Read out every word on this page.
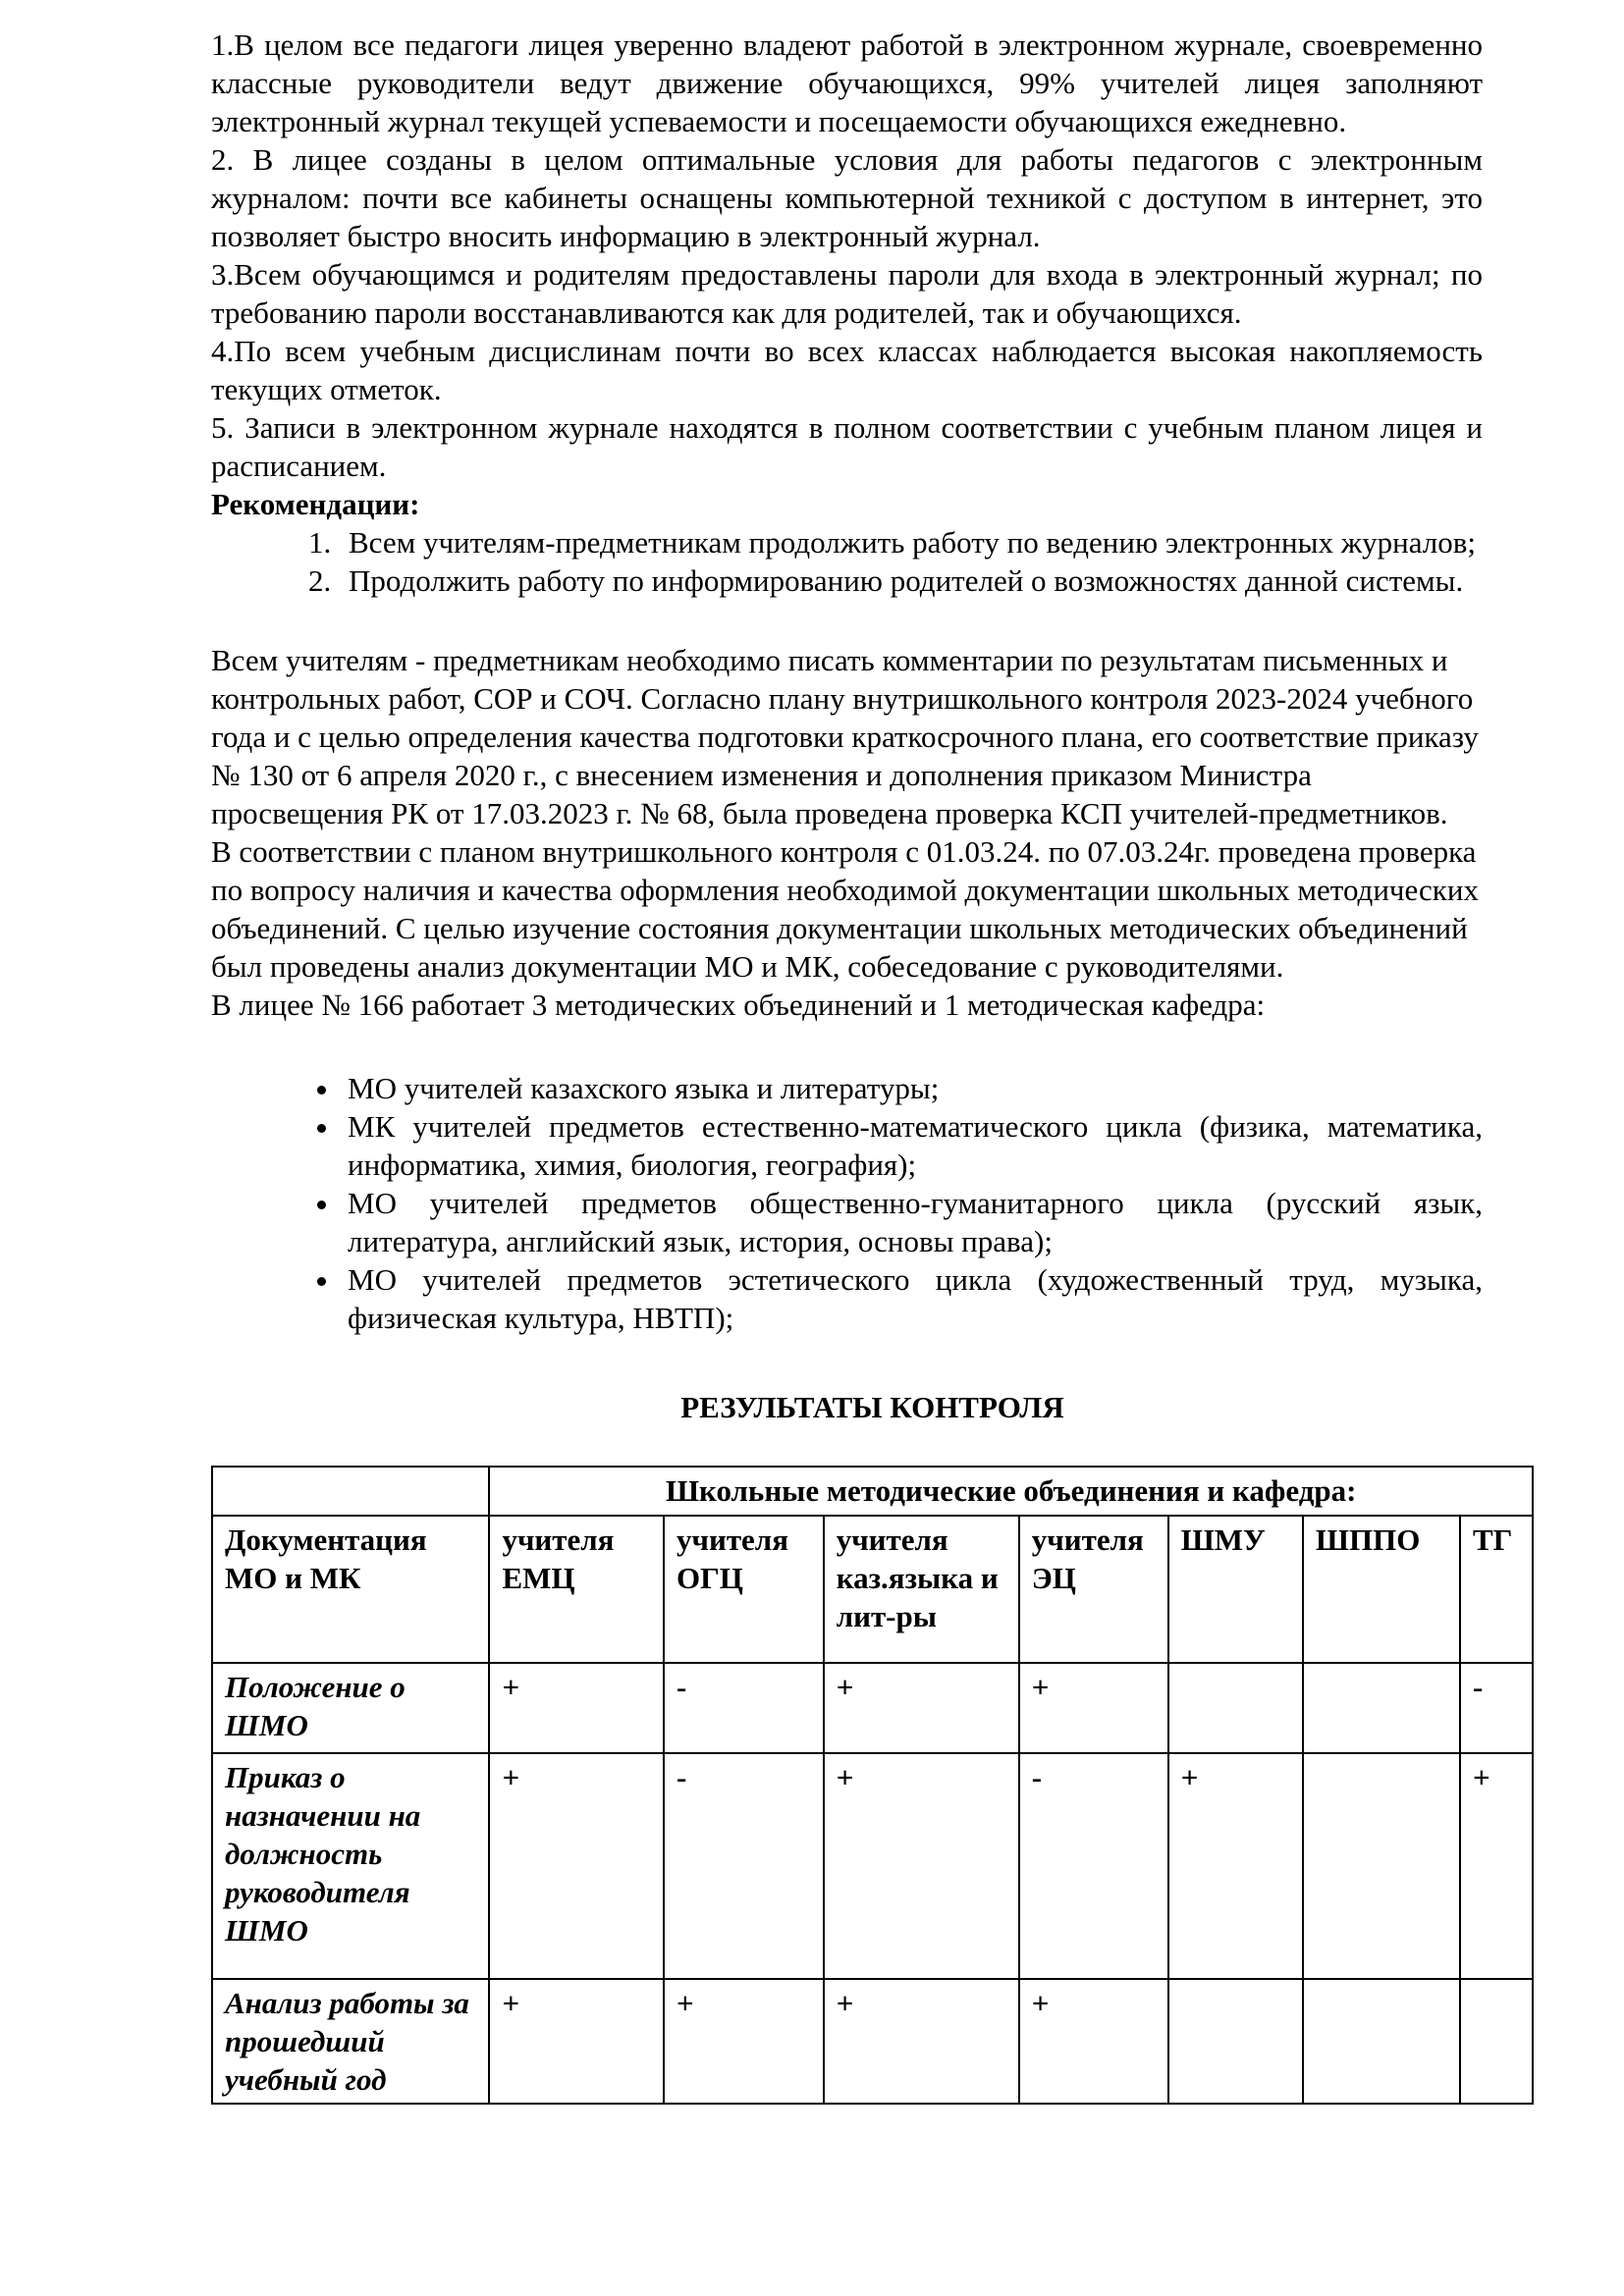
1.В целом все педагоги лицея уверенно владеют работой в электронном журнале, своевременно классные руководители ведут движение обучающихся, 99% учителей лицея заполняют электронный журнал текущей успеваемости и посещаемости обучающихся ежедневно.

2. В лицее созданы в целом оптимальные условия для работы педагогов с электронным журналом: почти все кабинеты оснащены компьютерной техникой с доступом в интернет, это позволяет быстро вносить информацию в электронный журнал.

3.Всем обучающимся и родителям предоставлены пароли для входа в электронный журнал; по требованию пароли восстанавливаются как для родителей, так и обучающихся.

4.По всем учебным дисцислинам почти во всех классах наблюдается высокая накопляемость текущих отметок.

5. Записи в электронном журнале находятся в полном соответствии с учебным планом лицея и расписанием.

Рекомендации:

1. Всем учителям-предметникам продолжить работу по ведению электронных журналов;
2. Продолжить работу по информированию родителей о возможностях данной системы.

Всем учителям - предметникам необходимо писать комментарии по результатам письменных и контрольных работ, СОР и СОЧ. Согласно плану внутришкольного контроля 2023-2024 учебного года и с целью определения качества подготовки краткосрочного плана, его соответствие приказу № 130 от 6 апреля 2020 г., с внесением изменения и дополнения приказом Министра просвещения РК от 17.03.2023 г. № 68, была проведена проверка КСП учителей-предметников.

В соответствии с планом внутришкольного контроля с 01.03.24. по 07.03.24г. проведена проверка по вопросу наличия и качества оформления необходимой документации школьных методических объединений. С целью изучение состояния документации школьных методических объединений был проведены анализ документации МО и МК, собеседование с руководителями.

В лицее № 166 работает 3 методических объединений и 1 методическая кафедра:

• МО учителей казахского языка и литературы;
• МК учителей предметов естественно-математического цикла (физика, математика, информатика, химия, биология, география);
• МО учителей предметов общественно-гуманитарного цикла (русский язык, литература, английский язык, история, основы права);
• МО учителей предметов эстетического цикла (художественный труд, музыка, физическая культура, НВТП);
РЕЗУЛЬТАТЫ КОНТРОЛЯ
	Школьные методические объединения и кафедра:						
Документация МО и МК	учителя ЕМЦ	учителя ОГЦ	учителя каз.языка и лит-ры	учителя ЭЦ	ШМУ	ШППО	ТГ
Положение о ШМО	+	-	+	+			-
Приказ о назначении на должность руководителя ШМО	+	-	+	-	+		+
Анализ работы за прошедший учебный год	+	+	+	+			
